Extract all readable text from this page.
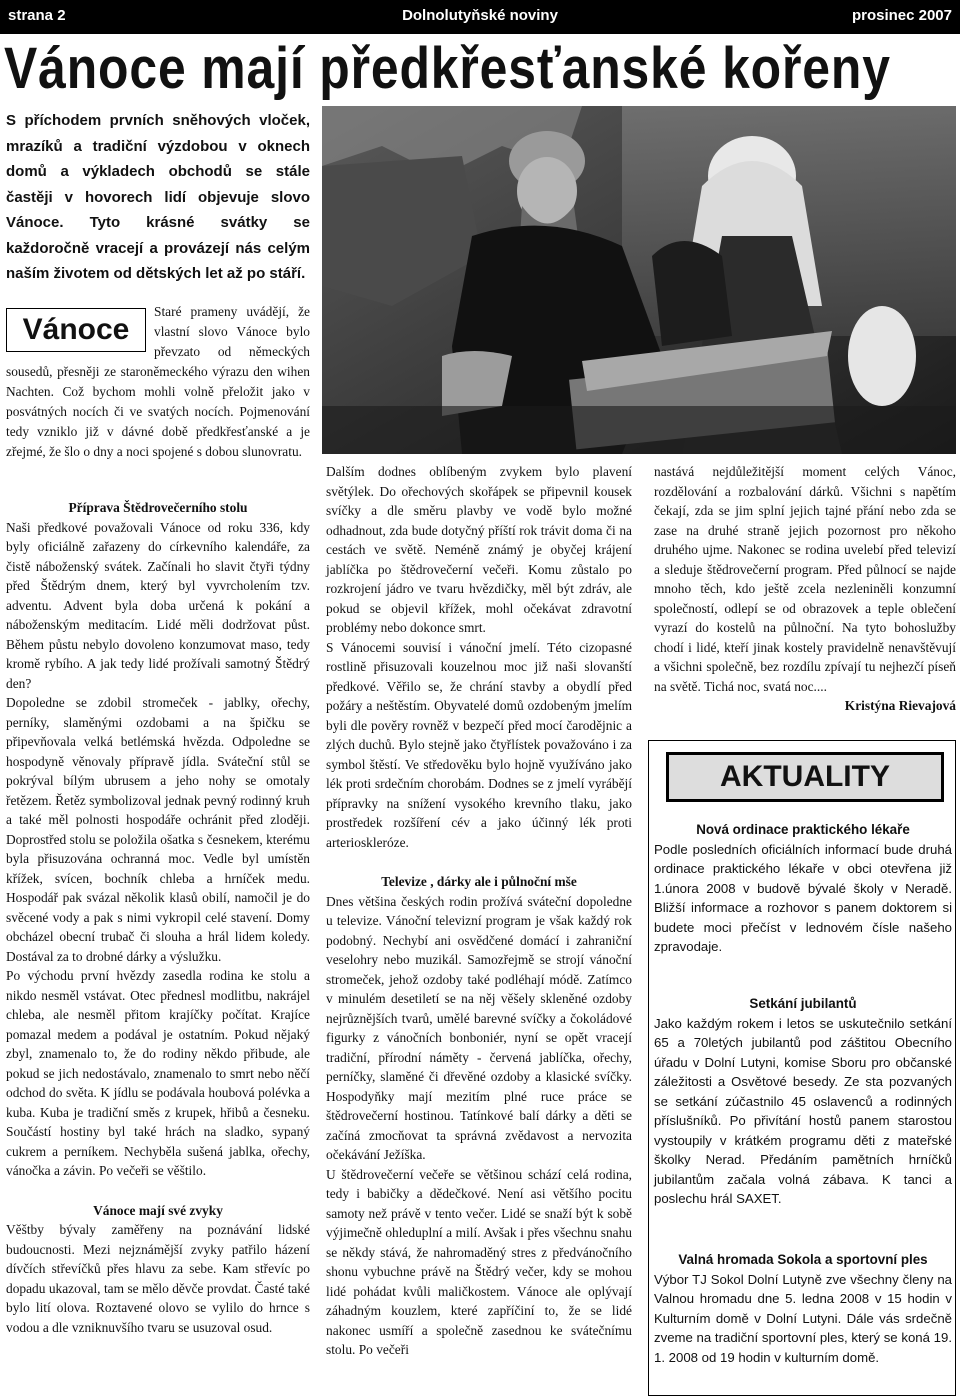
Dolnolutyňské noviny
strana 2	prosinec 2007
Vánoce mají předkřesťanské kořeny
S příchodem prvních sněhových vloček, mrazíků a tradiční výzdobou v oknech domů a výkladech obchodů se stále častěji v hovorech lidí objevuje slovo Vánoce. Tyto krásné svátky se každoročně vracejí a provázejí nás celým naším životem od dětských let až po stáří.
Vánoce

Staré prameny uvádějí, že vlastní slovo Vánoce bylo převzato od německých sousedů, přesněji ze staroněmeckého výrazu den wihen Nachten. Což bychom mohli volně přeložit jako v posvátných nocích či ve svatých nocích. Pojmenování tedy vzniklo již v dávné době předkřesťanské a je zřejmé, že šlo o dny a noci spojené s dobou slunovratu.

Příprava Štědrovečerního stolu

Naši předkové považovali Vánoce od roku 336, kdy byly oficiálně zařazeny do církevního kalendáře, za čistě náboženský svátek. Začínali ho slavit čtyři týdny před Štědrým dnem, který byl vyvrcholením tzv. adventu. Advent byla doba určená k pokání a náboženským meditacím. Lidé měli dodržovat půst. Během půstu nebylo dovoleno konzumovat maso, tedy kromě rybího. A jak tedy lidé prožívali samotný Štědrý den?

Dopoledne se zdobil stromeček - jablky, ořechy, perníky, slaměnými ozdobami a na špičku se připevňovala velká betlémská hvězda. Odpoledne se hospodyně věnovaly přípravě jídla. Sváteční stůl se pokrýval bílým ubrusem a jeho nohy se omotaly řetězem. Řetěz symbolizoval jednak pevný rodinný kruh a také měl polnosti hospodáře ochránit před zloději. Doprostřed stolu se položila ošatka s česnekem, kterému byla přisuzována ochranná moc. Vedle byl umístěn křížek, svícen, bochník chleba a hrníček medu. Hospodář pak svázal několik klasů obilí, namočil je do svěcené vody a pak s nimi vykropil celé stavení. Domy obcházel obecní trubač či slouha a hrál lidem koledy. Dostával za to drobné dárky a výslužku.

Po východu první hvězdy zasedla rodina ke stolu a nikdo nesměl vstávat. Otec přednesl modlitbu, nakrájel chleba, ale nesměl přitom krajíčky počítat. Krajíce pomazal medem a podával je ostatním. Pokud nějaký zbyl, znamenalo to, že do rodiny někdo přibude, ale pokud se jich nedostávalo, znamenalo to smrt nebo něčí odchod do světa. K jídlu se podávala houbová polévka a kuba. Kuba je tradiční směs z krupek, hřibů a česneku. Součástí hostiny byl také hrách na sladko, sypaný cukrem a perníkem. Nechyběla sušená jablka, ořechy, vánočka a závin. Po večeři se věštilo.

Vánoce mají své zvyky

Věštby bývaly zaměřeny na poznávání lidské budoucnosti. Mezi nejznámější zvyky patřilo házení dívčích střevíčků přes hlavu za sebe. Kam střevíc po dopadu ukazoval, tam se mělo děvče provdat. Časté také bylo lití olova. Roztavené olovo se vylilo do hrnce s vodou a dle vzniknuvšího tvaru se usuzoval osud.

Dalším dodnes oblíbeným zvykem bylo plavení světýlek. Do ořechových skořápek se připevnil kousek svíčky a dle směru plavby ve vodě bylo možné odhadnout, zda bude dotyčný příští rok trávit doma či na cestách ve světě. Neméně známý je obyčej krájení jablíčka po štědrovečerní večeři. Komu zůstalo po rozkrojení jádro ve tvaru hvězdičky, měl být zdráv, ale pokud se objevil křížek, mohl očekávat zdravotní problémy nebo dokonce smrt.

S Vánocemi souvisí i vánoční jmelí. Této cizopasné rostlině přisuzovali kouzelnou moc již naši slovanští předkové. Věřilo se, že chrání stavby a obydlí před požáry a neštěstím. Obyvatelé domů ozdobeným jmelím byli dle pověry rovněž v bezpečí před mocí čarodějnic a zlých duchů. Bylo stejně jako čtyřlístek považováno i za symbol štěstí. Ve středověku bylo hojně využíváno jako lék proti srdečním chorobám. Dodnes se z jmelí vyrábějí přípravky na snížení vysokého krevního tlaku, jako prostředek rozšíření cév a jako účinný lék proti arterioskleróze.

Televize , dárky ale i půlnoční mše

Dnes většina českých rodin prožívá sváteční dopoledne u televize. Vánoční televizní program je však každý rok podobný. Nechybí ani osvědčené domácí i zahraniční veselohry nebo muzikál. Samozřejmě se strojí vánoční stromeček, jehož ozdoby také podléhají módě. Zatímco v minulém desetiletí se na něj věšely skleněné ozdoby nejrůznějších tvarů, umělé barevné svíčky a čokoládové figurky z vánočních bonboniér, nyní se opět vracejí tradiční, přírodní náměty - červená jablíčka, ořechy, perníčky, slaměné či dřevěné ozdoby a klasické svíčky. Hospodyňky mají mezitím plné ruce práce se štědrovečerní hostinou. Tatínkové balí dárky a děti se začíná zmocňovat ta správná zvědavost a nervozita očekávání Ježíška.

U štědrovečerní večeře se většinou schází celá rodina, tedy i babičky a dědečkové. Není asi většího pocitu samoty než právě v tento večer. Lidé se snaží být k sobě výjimečně ohleduplní a milí. Avšak i přes všechnu snahu se někdy stává, že nahromaděný stres z předvánočního shonu vybuchne právě na Štědrý večer, kdy se mohou lidé pohádat kvůli maličkostem. Vánoce ale oplývají záhadným kouzlem, které zapříčiní to, že se lidé nakonec usmíří a společně zasednou ke svátečnímu stolu. Po večeři

nastává nejdůležitější moment celých Vánoc, rozdělování a rozbalování dárků. Všichni s napětím čekají, zda se jim splní jejich tajné přání nebo zda se zase na druhé straně jejich pozornost pro někoho druhého ujme. Nakonec se rodina uvelebí před televizí a sleduje štědrovečerní program. Před půlnocí se najde mnoho těch, kdo ještě zcela nezleniněli konzumní společností, odlepí se od obrazovek a teple oblečení vyrazí do kostelů na půlnoční. Na tyto bohoslužby chodí i lidé, kteří jinak kostely pravidelně nenavštěvují a všichni společně, bez rozdílu zpívají tu nejhezčí píseň na světě. Tichá noc, svatá noc....

Kristýna Rievajová

AKTUALITY
Nová ordinace praktického lékaře

Podle posledních oficiálních informací bude druhá ordinace praktického lékaře v obci otevřena již 1.února 2008 v budově bývalé školy v Neradě. Bližší informace a rozhovor s panem doktorem si budete moci přečíst v lednovém čísle našeho zpravodaje.

Setkání jubilantů

Jako každým rokem i letos se uskutečnilo setkání 65 a 70letých jubilantů pod záštitou Obecního úřadu v Dolní Lutyni, komise Sboru pro občanské záležitosti a Osvětové besedy. Ze sta pozvaných se setkání zúčastnilo 45 oslavenců a rodinných příslušníků. Po přivítání hostů panem starostou vystoupily v krátkém programu děti z mateřské školky Nerad. Předáním pamětních hrníčků jubilantům začala volná zábava. K tanci a poslechu hrál SAXET.

Valná hromada Sokola a sportovní ples

Výbor TJ Sokol Dolní Lutyně zve všechny členy na Valnou hromadu dne 5. ledna 2008 v 15 hodin v Kulturním domě v Dolní Lutyni. Dále vás srdečně zveme na tradiční sportovní ples, který se koná 19. 1. 2008 od 19 hodin v kulturním domě.
